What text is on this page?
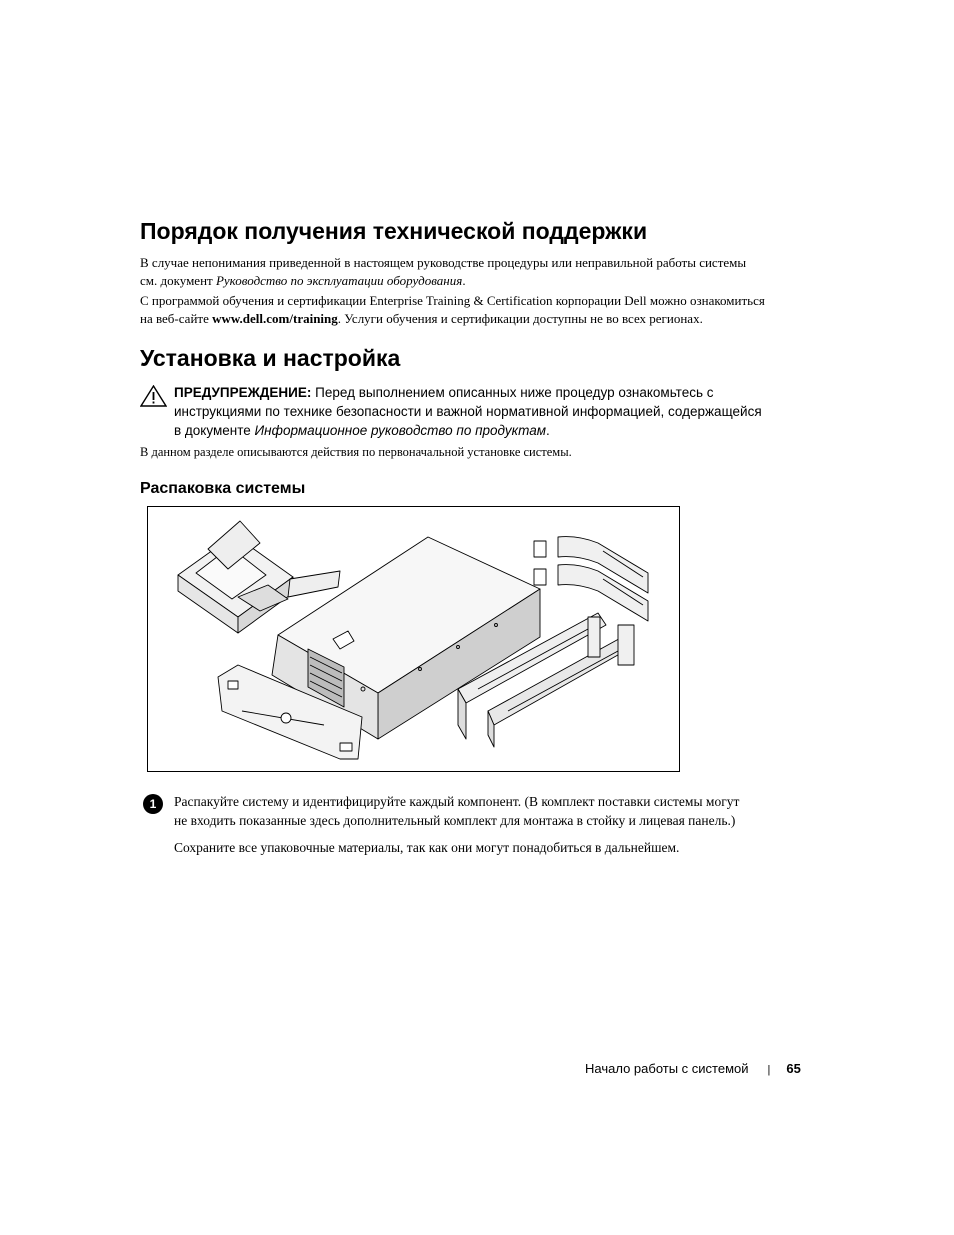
Порядок получения технической поддержки
В случае непонимания приведенной в настоящем руководстве процедуры или неправильной работы системы
см. документ Руководство по эксплуатации оборудования.
С программой обучения и сертификации Enterprise Training & Certification корпорации Dell можно ознакомиться
на веб-сайте www.dell.com/training. Услуги обучения и сертификации доступны не во всех регионах.
Установка и настройка
ПРЕДУПРЕЖДЕНИЕ: Перед выполнением описанных ниже процедур ознакомьтесь с
инструкциями по технике безопасности и важной нормативной информацией, содержащейся
в документе Информационное руководство по продуктам.

В данном разделе описываются действия по первоначальной установке системы.

Распаковка системы
1	Распакуйте систему и идентифицируйте каждый компонент. (В комплект поставки системы могут
не входить показанные здесь дополнительный комплект для монтажа в стойку и лицевая панель.)

Сохраните все упаковочные материалы, так как они могут понадобиться в дальнейшем.

Начало работы с системой | 65
